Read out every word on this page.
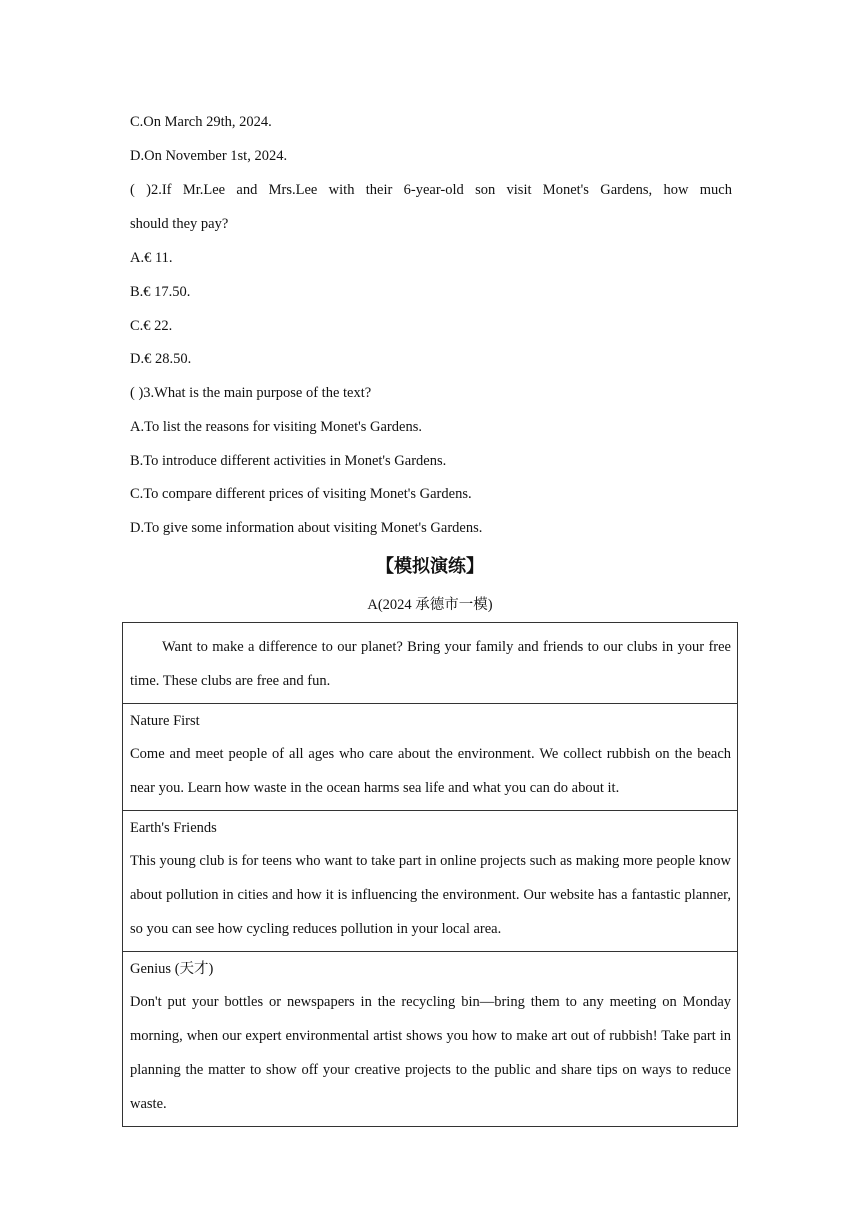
C.On March 29th, 2024.
D.On November 1st, 2024.
( )2.If Mr.Lee and Mrs.Lee with their 6-year-old son visit Monet's Gardens, how much
should they pay?
A.€ 11.
B.€ 17.50.
C.€ 22.
D.€ 28.50.
( )3.What is the main purpose of the text?
A.To list the reasons for visiting Monet's Gardens.
B.To introduce different activities in Monet's Gardens.
C.To compare different prices of visiting Monet's Gardens.
D.To give some information about visiting Monet's Gardens.
【模拟演练】
A(2024 承德市一模)
Want to make a difference to our planet? Bring your family and friends to our clubs in your free time. These clubs are free and fun.

Nature First
Come and meet people of all ages who care about the environment. We collect rubbish on the beach near you. Learn how waste in the ocean harms sea life and what you can do about it.

Earth's Friends
This young club is for teens who want to take part in online projects such as making more people know about pollution in cities and how it is influencing the environment. Our website has a fantastic planner, so you can see how cycling reduces pollution in your local area.

Genius (天才)
Don't put your bottles or newspapers in the recycling bin—bring them to any meeting on Monday morning, when our expert environmental artist shows you how to make art out of rubbish! Take part in planning the matter to show off your creative projects to the public and share tips on ways to reduce waste.
